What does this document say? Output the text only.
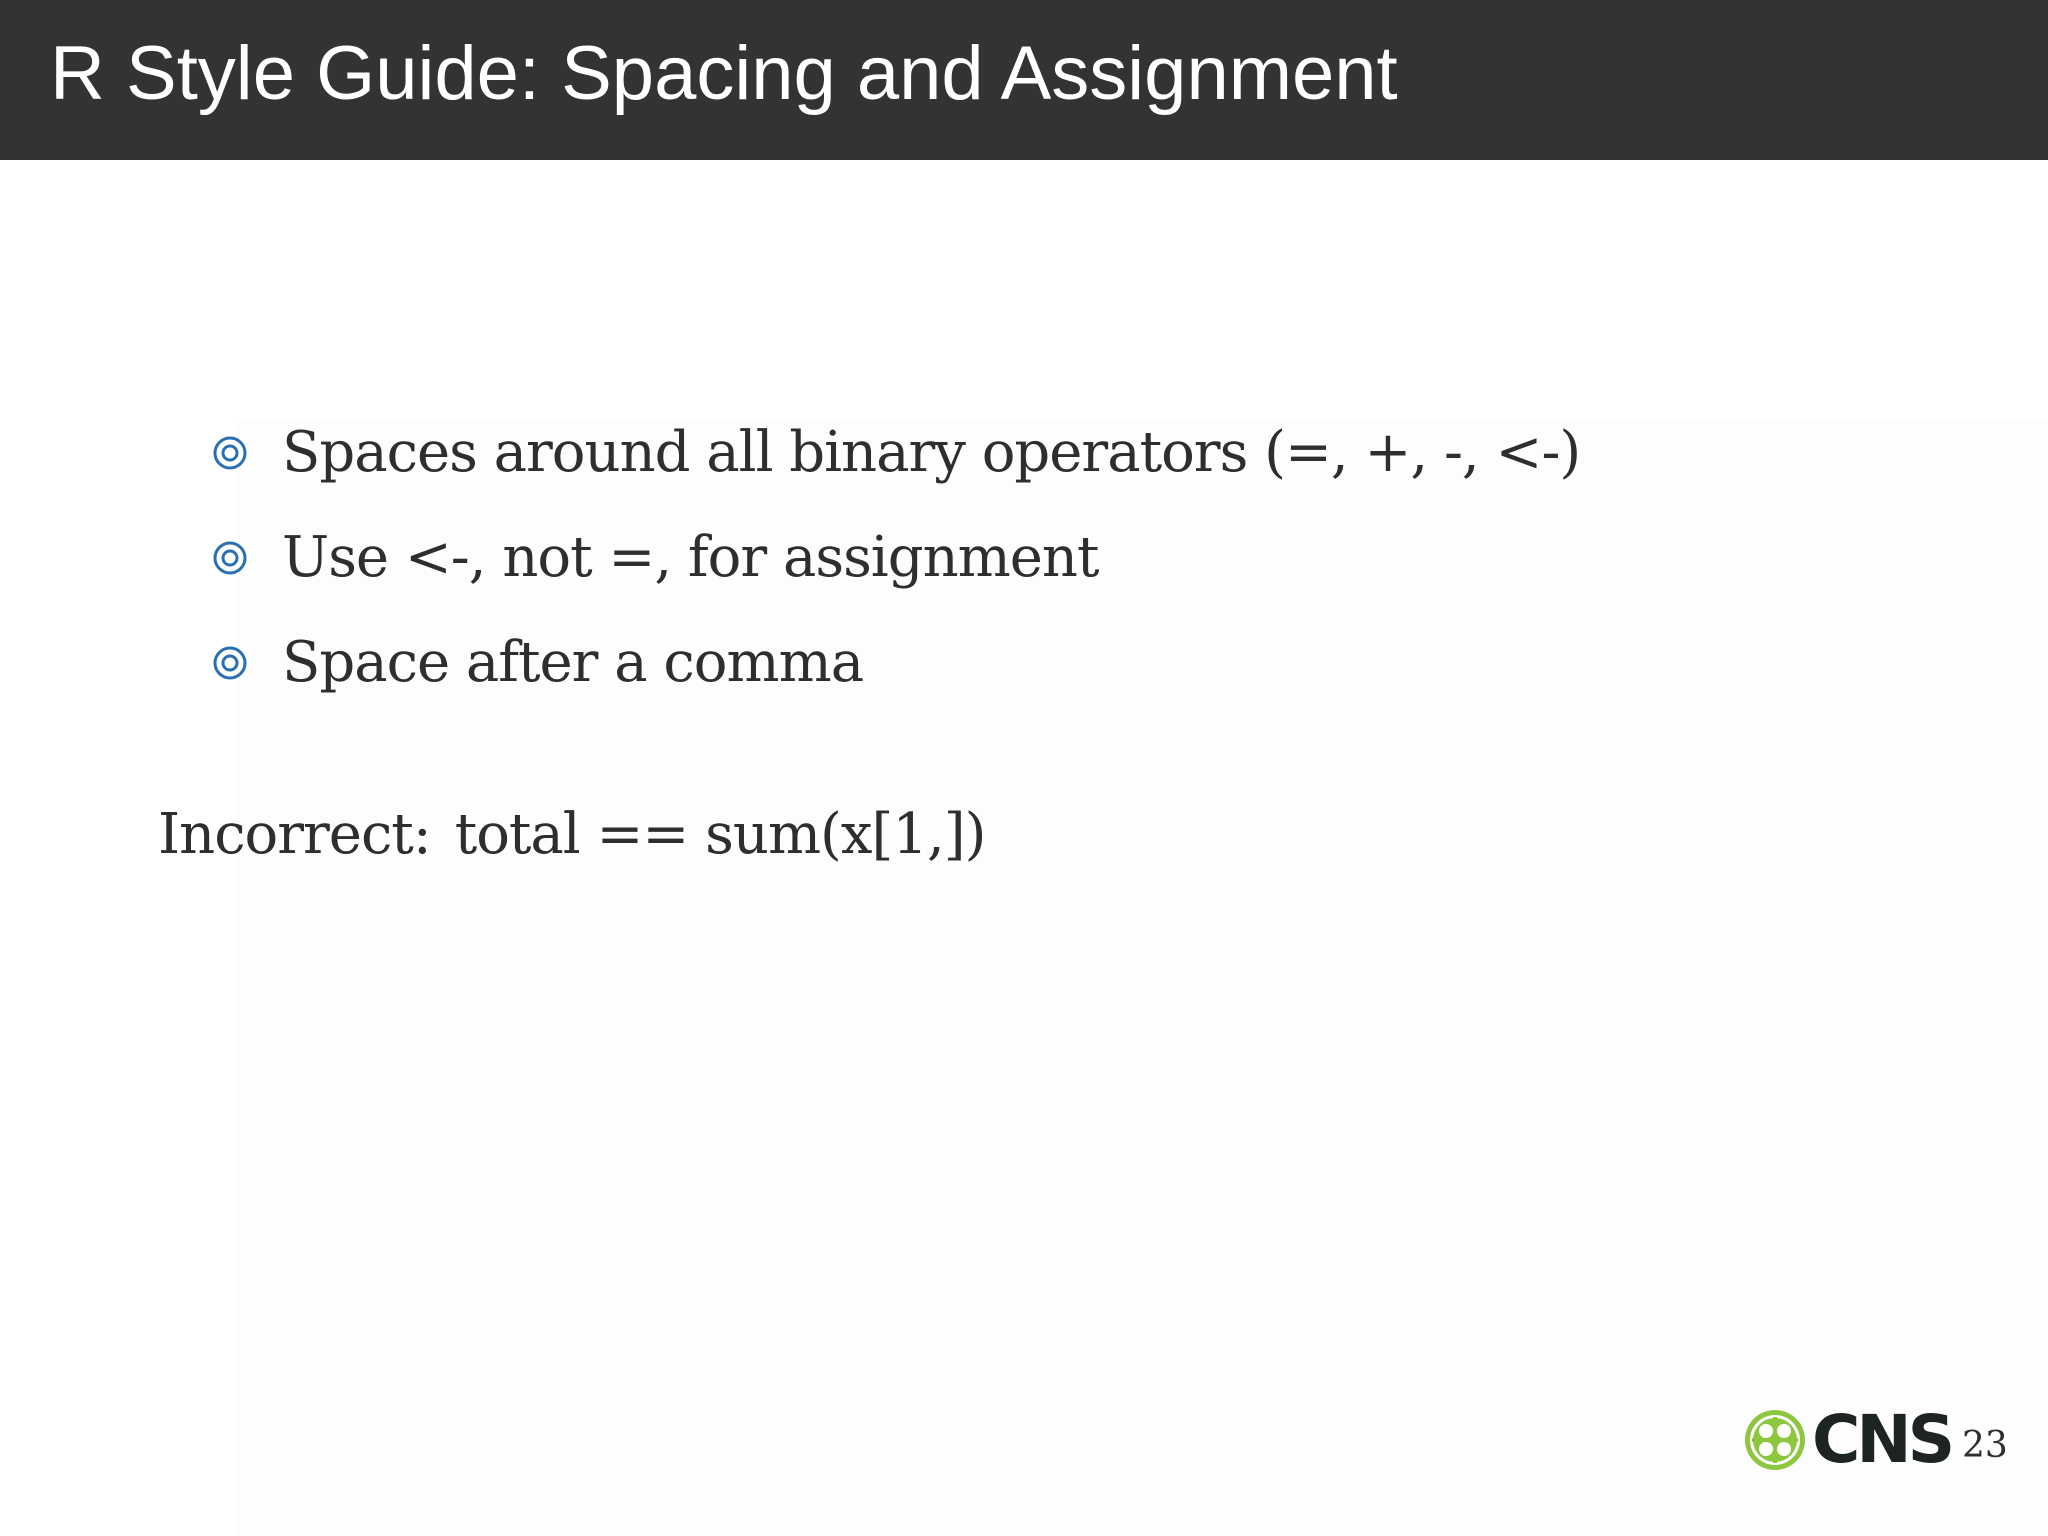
R Style Guide: Spacing and Assignment
Spaces around all binary operators (=, +, -, <-)
Use <-, not =, for assignment
Space after a comma
Incorrect: total == sum(x[1,])
CNS 23
